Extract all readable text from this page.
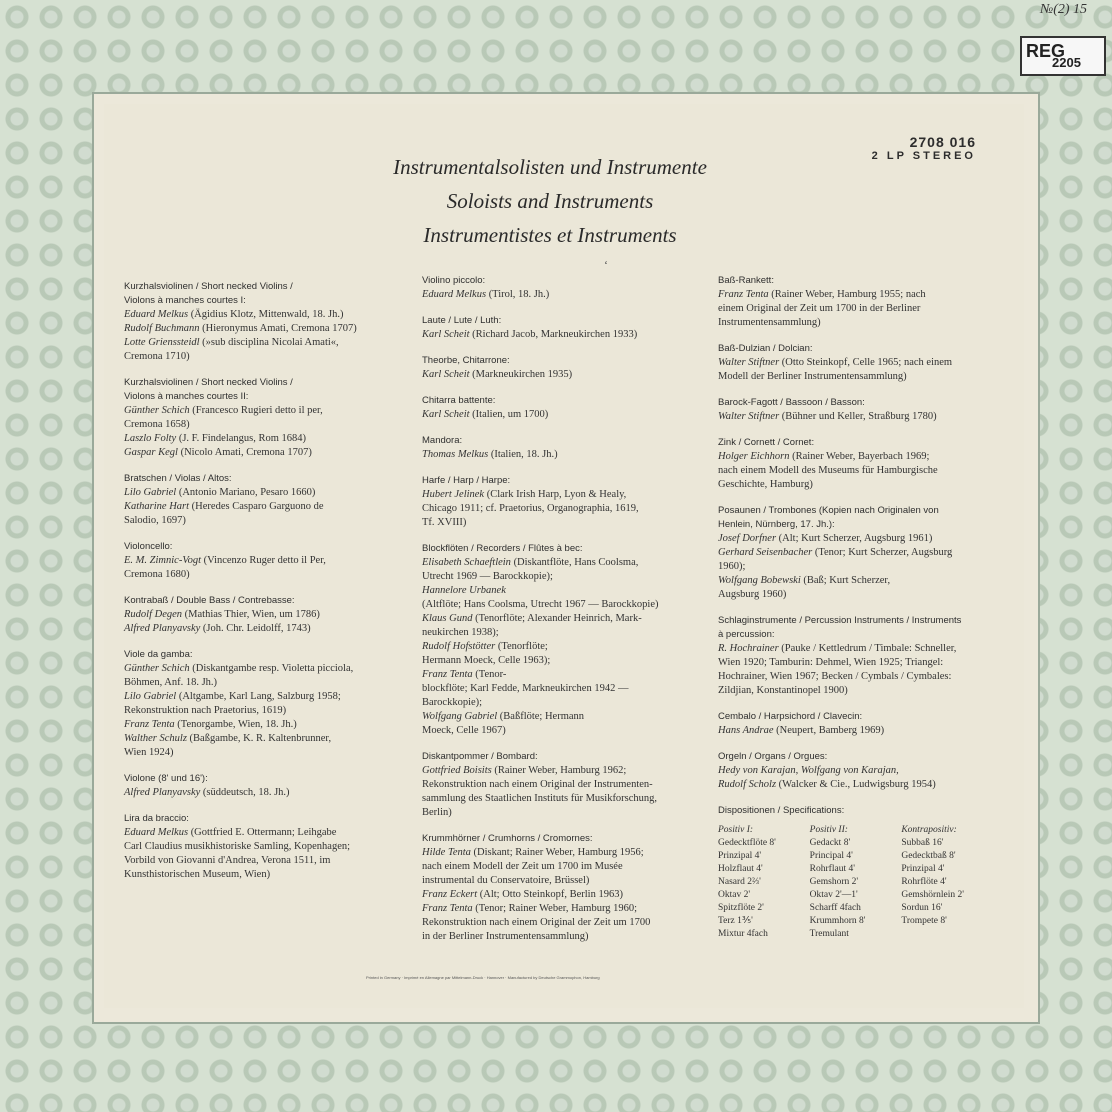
№(2) 15
REG
2205
2708 016
2 LP STEREO
Instrumentalsolisten und Instrumente
Soloists and Instruments
Instrumentistes et Instruments
ʻ
Kurzhalsviolinen / Short necked Violins /
Violons à manches courtes I:
Eduard Melkus (Ägidius Klotz, Mittenwald, 18. Jh.)
Rudolf Buchmann (Hieronymus Amati, Cremona 1707)
Lotte Grienssteidl (»sub disciplina Nicolai Amati«,
Cremona 1710)
Kurzhalsviolinen / Short necked Violins /
Violons à manches courtes II:
Günther Schich (Francesco Rugieri detto il per,
Cremona 1658)
Laszlo Folty (J. F. Findelangus, Rom 1684)
Gaspar Kegl (Nicolo Amati, Cremona 1707)
Bratschen / Violas / Altos:
Lilo Gabriel (Antonio Mariano, Pesaro 1660)
Katharine Hart (Heredes Casparo Garguono de
Salodio, 1697)
Violoncello:
E. M. Zimnic-Vogt (Vincenzo Ruger detto il Per,
Cremona 1680)
Kontrabaß / Double Bass / Contrebasse:
Rudolf Degen (Mathias Thier, Wien, um 1786)
Alfred Planyavsky (Joh. Chr. Leidolff, 1743)
Viole da gamba:
Günther Schich (Diskantgambe resp. Violetta picciola,
Böhmen, Anf. 18. Jh.)
Lilo Gabriel (Altgambe, Karl Lang, Salzburg 1958;
Rekonstruktion nach Praetorius, 1619)
Franz Tenta (Tenorgambe, Wien, 18. Jh.)
Walther Schulz (Baßgambe, K. R. Kaltenbrunner,
Wien 1924)
Violone (8' und 16'):
Alfred Planyavsky (süddeutsch, 18. Jh.)
Lira da braccio:
Eduard Melkus (Gottfried E. Ottermann; Leihgabe
Carl Claudius musikhistoriske Samling, Kopenhagen;
Vorbild von Giovanni d'Andrea, Verona 1511, im
Kunsthistorischen Museum, Wien)
Violino piccolo:
Eduard Melkus (Tirol, 18. Jh.)
Laute / Lute / Luth:
Karl Scheit (Richard Jacob, Markneukirchen 1933)
Theorbe, Chitarrone:
Karl Scheit (Markneukirchen 1935)
Chitarra battente:
Karl Scheit (Italien, um 1700)
Mandora:
Thomas Melkus (Italien, 18. Jh.)
Harfe / Harp / Harpe:
Hubert Jelinek (Clark Irish Harp, Lyon & Healy,
Chicago 1911; cf. Praetorius, Organographia, 1619,
Tf. XVIII)
Blockflöten / Recorders / Flûtes à bec:
Elisabeth Schaeftlein (Diskantflöte, Hans Coolsma,
Utrecht 1969 — Barockkopie);
Hannelore Urbanek
(Altflöte; Hans Coolsma, Utrecht 1967 — Barockkopie)
Klaus Gund (Tenorflöte; Alexander Heinrich, Mark-
neukirchen 1938);
Rudolf Hofstötter (Tenorflöte;
Hermann Moeck, Celle 1963);
Franz Tenta (Tenor-
blockflöte; Karl Fedde, Markneukirchen 1942 —
Barockkopie);
Wolfgang Gabriel (Baßflöte; Hermann
Moeck, Celle 1967)
Diskantpommer / Bombard:
Gottfried Boisits (Rainer Weber, Hamburg 1962;
Rekonstruktion nach einem Original der Instrumenten-
sammlung des Staatlichen Instituts für Musikforschung,
Berlin)
Krummhörner / Crumhorns / Cromornes:
Hilde Tenta (Diskant; Rainer Weber, Hamburg 1956;
nach einem Modell der Zeit um 1700 im Musée
instrumental du Conservatoire, Brüssel)
Franz Eckert (Alt; Otto Steinkopf, Berlin 1963)
Franz Tenta (Tenor; Rainer Weber, Hamburg 1960;
Rekonstruktion nach einem Original der Zeit um 1700
in der Berliner Instrumentensammlung)
Baß-Rankett:
Franz Tenta (Rainer Weber, Hamburg 1955; nach
einem Original der Zeit um 1700 in der Berliner
Instrumentensammlung)
Baß-Dulzian / Dolcian:
Walter Stiftner (Otto Steinkopf, Celle 1965; nach einem
Modell der Berliner Instrumentensammlung)
Barock-Fagott / Bassoon / Basson:
Walter Stiftner (Bühner und Keller, Straßburg 1780)
Zink / Cornett / Cornet:
Holger Eichhorn (Rainer Weber, Bayerbach 1969;
nach einem Modell des Museums für Hamburgische
Geschichte, Hamburg)
Posaunen / Trombones (Kopien nach Originalen von
Henlein, Nürnberg, 17. Jh.):
Josef Dorfner (Alt; Kurt Scherzer, Augsburg 1961)
Gerhard Seisenbacher (Tenor; Kurt Scherzer, Augsburg
1960);
Wolfgang Bobewski (Baß; Kurt Scherzer,
Augsburg 1960)
Schlaginstrumente / Percussion Instruments / Instruments
à percussion:
R. Hochrainer (Pauke / Kettledrum / Timbale: Schneller,
Wien 1920; Tamburin: Dehmel, Wien 1925; Triangel:
Hochrainer, Wien 1967; Becken / Cymbals / Cymbales:
Zildjian, Konstantinopel 1900)
Cembalo / Harpsichord / Clavecin:
Hans Andrae (Neupert, Bamberg 1969)
Orgeln / Organs / Orgues:
Hedy von Karajan, Wolfgang von Karajan,
Rudolf Scholz (Walcker & Cie., Ludwigsburg 1954)
Dispositionen / Specifications:
Positiv I:
Gedecktflöte 8'
Prinzipal 4'
Holzflaut 4'
Nasard 2⅔'
Oktav 2'
Spitzflöte 2'
Terz 1⅗'
Mixtur 4fach
Positiv II:
Gedackt 8'
Principal 4'
Rohrflaut 4'
Gemshorn 2'
Oktav 2'—1'
Scharff 4fach
Krummhorn 8'
Tremulant
Kontrapositiv:
Subbaß 16'
Gedecktbaß 8'
Prinzipal 4'
Rohrflöte 4'
Gemshörnlein 2'
Sordun 16'
Trompete 8'
Printed in Germany · Imprimé en Allemagne par Mittelmann-Druck · Hannover · Manufactured by Deutsche Grammophon, Hamburg
